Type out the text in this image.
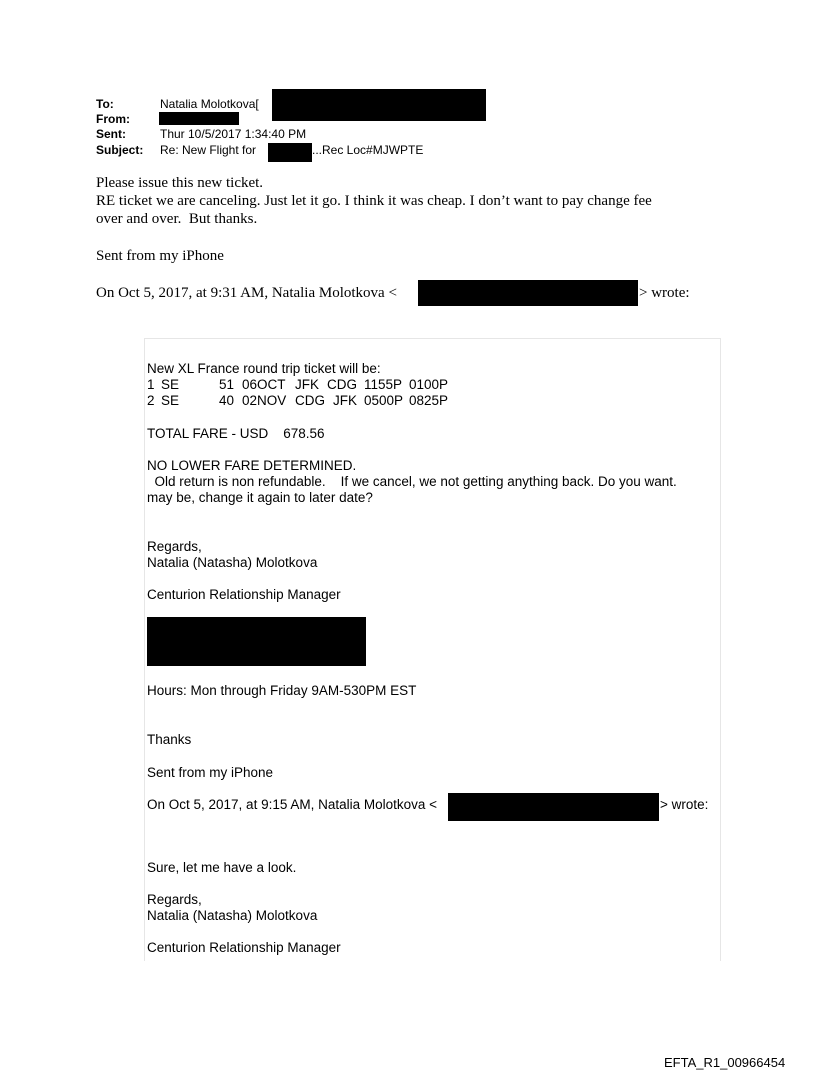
To:	Natalia Molotkova[
From:
Sent:	Thur 10/5/2017 1:34:40 PM
Subject: Re: New Flight for	...Rec Loc#MJWPTE
Please issue this new ticket.
RE ticket we are canceling. Just let it go. I think it was cheap. I don’t want to pay change fee
over and over.  But thanks.
Sent from my iPhone
On Oct 5, 2017, at 9:31 AM, Natalia Molotkova <	> wrote:
New XL France round trip ticket will be:
1 SE	51 06OCT JFK CDG 1155P 0100P
2 SE	40 02NOV CDG JFK 0500P 0825P
TOTAL FARE - USD    678.56
NO LOWER FARE DETERMINED.
Old return is non refundable.    If we cancel, we not getting anything back. Do you want.
may be, change it again to later date?
Regards,
Natalia (Natasha) Molotkova
Centurion Relationship Manager
Hours: Mon through Friday 9AM-530PM EST
Thanks
Sent from my iPhone
On Oct 5, 2017, at 9:15 AM, Natalia Molotkova <	> wrote:
Sure, let me have a look.
Regards,
Natalia (Natasha) Molotkova
Centurion Relationship Manager
EFTA_R1_00966454
